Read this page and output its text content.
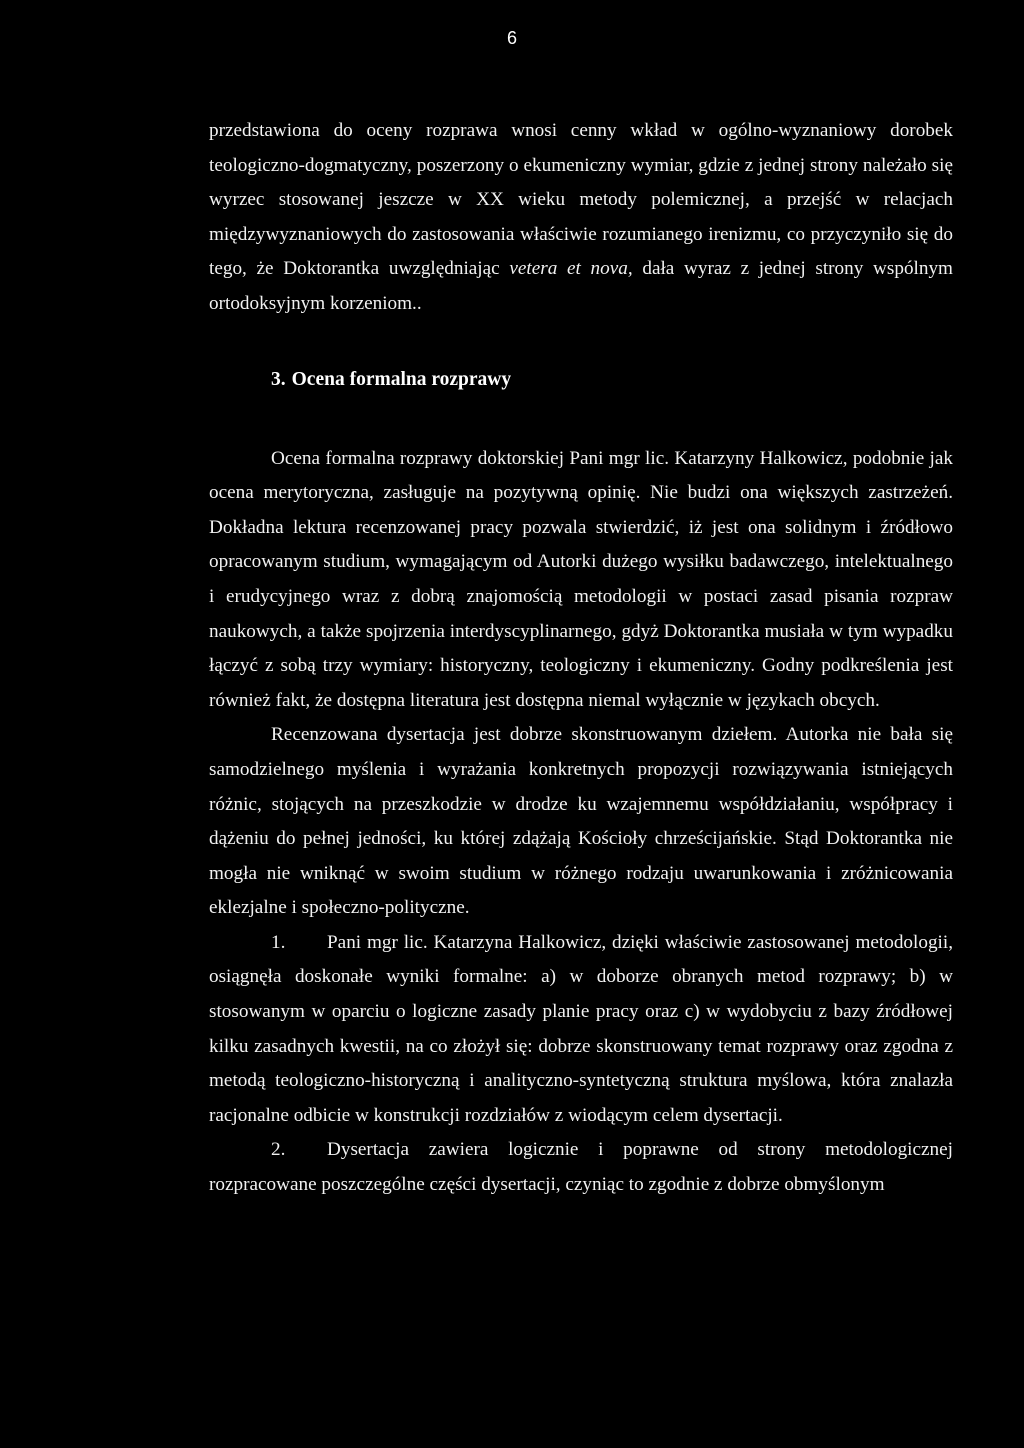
6

przedstawiona do oceny rozprawa wnosi cenny wkład w ogólno-wyznaniowy dorobek teologiczno-dogmatyczny, poszerzony o ekumeniczny wymiar, gdzie z jednej strony należało się wyrzec stosowanej jeszcze w XX wieku metody polemicznej, a przejść w relacjach międzywyznaniowych do zastosowania właściwie rozumianego irenizmu, co przyczyniło się do tego, że Doktorantka uwzględniając vetera et nova, dała wyraz z jednej strony wspólnym ortodoksyjnym korzeniom..

3. Ocena formalna rozprawy

Ocena formalna rozprawy doktorskiej Pani mgr lic. Katarzyny Halkowicz, podobnie jak ocena merytoryczna, zasługuje na pozytywną opinię. Nie budzi ona większych zastrzeżeń. Dokładna lektura recenzowanej pracy pozwala stwierdzić, iż jest ona solidnym i źródłowo opracowanym studium, wymagającym od Autorki dużego wysiłku badawczego, intelektualnego i erudycyjnego wraz z dobrą znajomością metodologii w postaci zasad pisania rozpraw naukowych, a także spojrzenia interdyscyplinarnego, gdyż Doktorantka musiała w tym wypadku łączyć z sobą trzy wymiary: historyczny, teologiczny i ekumeniczny. Godny podkreślenia jest również fakt, że dostępna literatura jest dostępna niemal wyłącznie w językach obcych.

Recenzowana dysertacja jest dobrze skonstruowanym dziełem. Autorka nie bała się samodzielnego myślenia i wyrażania konkretnych propozycji rozwiązywania istniejących różnic, stojących na przeszkodzie w drodze ku wzajemnemu współdziałaniu, współpracy i dążeniu do pełnej jedności, ku której zdążają Kościoły chrześcijańskie. Stąd Doktorantka nie mogła nie wniknąć w swoim studium w różnego rodzaju uwarunkowania i zróżnicowania eklezjalne i społeczno-polityczne.

1. Pani mgr lic. Katarzyna Halkowicz, dzięki właściwie zastosowanej metodologii, osiągnęła doskonałe wyniki formalne: a) w doborze obranych metod rozprawy; b) w stosowanym w oparciu o logiczne zasady planie pracy oraz c) w wydobyciu z bazy źródłowej kilku zasadnych kwestii, na co złożył się: dobrze skonstruowany temat rozprawy oraz zgodna z metodą teologiczno-historyczną i analityczno-syntetyczną struktura myślowa, która znalazła racjonalne odbicie w konstrukcji rozdziałów z wiodącym celem dysertacji.

2. Dysertacja zawiera logicznie i poprawne od strony metodologicznej rozpracowane poszczególne części dysertacji, czyniąc to zgodnie z dobrze obmyślonym
